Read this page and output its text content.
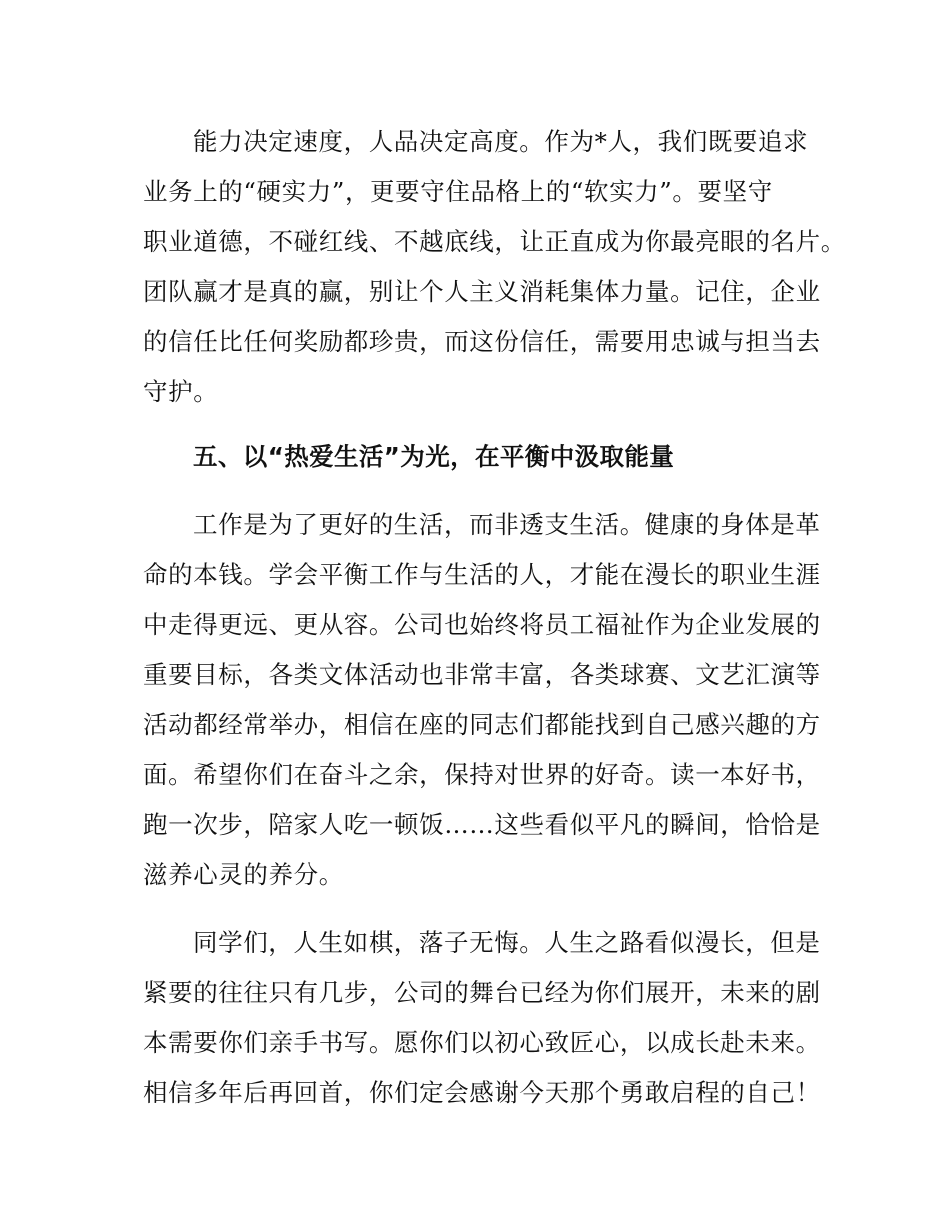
能力决定速度，人品决定高度。作为*人，我们既要追求
业务上的“硬实力”，更要守住品格上的“软实力”。要坚守
职业道德，不碰红线、不越底线，让正直成为你最亮眼的名片。
团队赢才是真的赢，别让个人主义消耗集体力量。记住，企业
的信任比任何奖励都珍贵，而这份信任，需要用忠诚与担当去
守护。
五、以“热爱生活”为光，在平衡中汲取能量
工作是为了更好的生活，而非透支生活。健康的身体是革
命的本钱。学会平衡工作与生活的人，才能在漫长的职业生涯
中走得更远、更从容。公司也始终将员工福祉作为企业发展的
重要目标，各类文体活动也非常丰富，各类球赛、文艺汇演等
活动都经常举办，相信在座的同志们都能找到自己感兴趣的方
面。希望你们在奋斗之余，保持对世界的好奇。读一本好书，
跑一次步，陪家人吃一顿饭……这些看似平凡的瞬间，恰恰是
滋养心灵的养分。
同学们，人生如棋，落子无悔。人生之路看似漫长，但是
紧要的往往只有几步，公司的舞台已经为你们展开，未来的剧
本需要你们亲手书写。愿你们以初心致匠心，以成长赴未来。
相信多年后再回首，你们定会感谢今天那个勇敢启程的自己！
